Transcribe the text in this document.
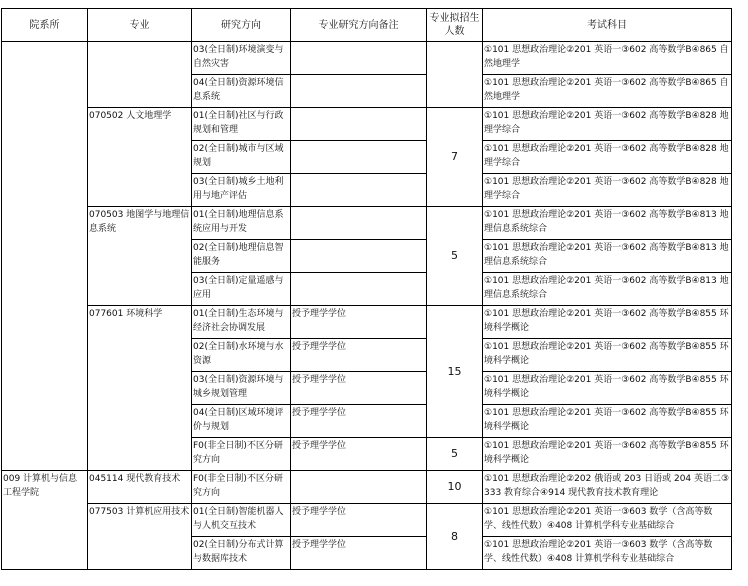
院系所	专业	研究方向	专业研究方向备注	专业拟招生人数	考试科目
		03(全日制)环境演变与自然灾害			①101 思想政治理论②201 英语一③602 高等数学B④865 自然地理学
		04(全日制)资源环境信息系统			①101 思想政治理论②201 英语一③602 高等数学B④865 自然地理学
	070502 人文地理学	01(全日制)社区与行政规划和管理		7	①101 思想政治理论②201 英语一③602 高等数学B④828 地理学综合
		02(全日制)城市与区域规划			①101 思想政治理论②201 英语一③602 高等数学B④828 地理学综合
		03(全日制)城乡土地利用与地产评估			①101 思想政治理论②201 英语一③602 高等数学B④828 地理学综合
	070503 地图学与地理信息系统	01(全日制)地理信息系统应用与开发		5	①101 思想政治理论②201 英语一③602 高等数学B④813 地理信息系统综合
		02(全日制)地理信息智能服务			①101 思想政治理论②201 英语一③602 高等数学B④813 地理信息系统综合
		03(全日制)定量遥感与应用			①101 思想政治理论②201 英语一③602 高等数学B④813 地理信息系统综合
	077601 环境科学	01(全日制)生态环境与经济社会协调发展	授予理学学位	15	①101 思想政治理论②201 英语一③602 高等数学B④855 环境科学概论
		02(全日制)水环境与水资源	授予理学学位		①101 思想政治理论②201 英语一③602 高等数学B④855 环境科学概论
		03(全日制)资源环境与城乡规划管理	授予理学学位		①101 思想政治理论②201 英语一③602 高等数学B④855 环境科学概论
		04(全日制)区域环境评价与规划	授予理学学位		①101 思想政治理论②201 英语一③602 高等数学B④855 环境科学概论
		F0(非全日制)不区分研究方向	授予理学学位	5	①101 思想政治理论②201 英语一③602 高等数学B④855 环境科学概论
009 计算机与信息工程学院	045114 现代教育技术	F0(非全日制)不区分研究方向		10	①101 思想政治理论②202 俄语或 203 日语或 204 英语二③333 教育综合④914 现代教育技术教育理论
	077503 计算机应用技术	01(全日制)智能机器人与人机交互技术	授予理学学位	8	①101 思想政治理论②201 英语一③603 数学（含高等数学、线性代数）④408 计算机学科专业基础综合
		02(全日制)分布式计算与数据库技术	授予理学学位		①101 思想政治理论②201 英语一③603 数学（含高等数学、线性代数）④408 计算机学科专业基础综合
